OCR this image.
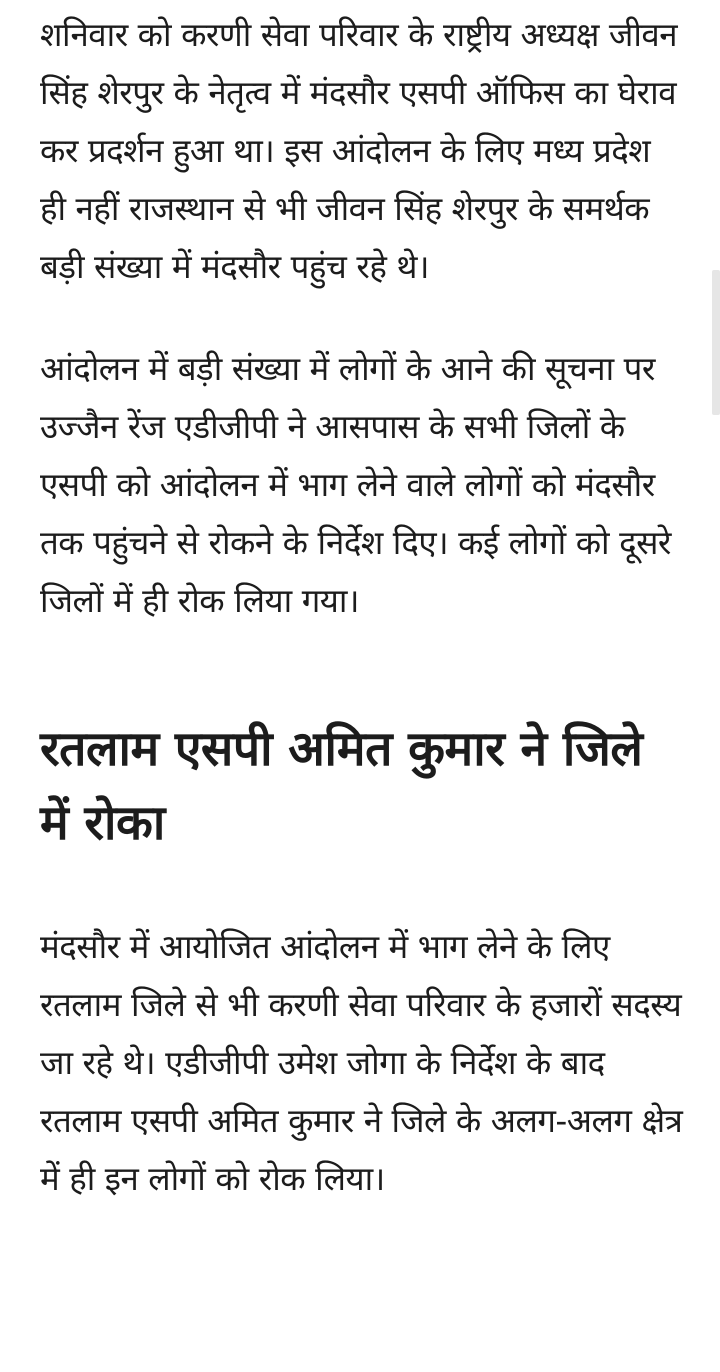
शनिवार को करणी सेवा परिवार के राष्ट्रीय अध्यक्ष जीवन सिंह शेरपुर के नेतृत्व में मंदसौर एसपी ऑफिस का घेराव कर प्रदर्शन हुआ था। इस आंदोलन के लिए मध्य प्रदेश ही नहीं राजस्थान से भी जीवन सिंह शेरपुर के समर्थक बड़ी संख्या में मंदसौर पहुंच रहे थे।

आंदोलन में बड़ी संख्या में लोगों के आने की सूचना पर उज्जैन रेंज एडीजीपी ने आसपास के सभी जिलों के एसपी को आंदोलन में भाग लेने वाले लोगों को मंदसौर तक पहुंचने से रोकने के निर्देश दिए। कई लोगों को दूसरे जिलों में ही रोक लिया गया।

रतलाम एसपी अमित कुमार ने जिले में रोका

मंदसौर में आयोजित आंदोलन में भाग लेने के लिए रतलाम जिले से भी करणी सेवा परिवार के हजारों सदस्य जा रहे थे। एडीजीपी उमेश जोगा के निर्देश के बाद रतलाम एसपी अमित कुमार ने जिले के अलग-अलग क्षेत्र में ही इन लोगों को रोक लिया।
